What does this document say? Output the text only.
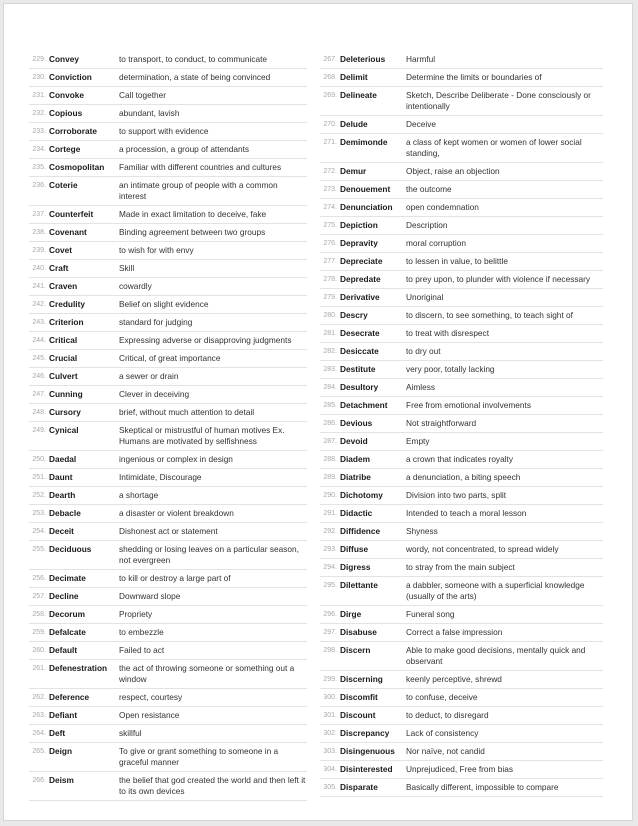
229. Convey	to transport, to conduct, to communicate
230. Conviction	determination, a state of being convinced
231. Convoke	Call together
232. Copious	abundant, lavish
233. Corroborate	to support with evidence
234. Cortege	a procession, a group of attendants
235. Cosmopolitan	Familiar with different countries and cultures
236. Coterie	an intimate group of people with a common interest
237. Counterfeit	Made in exact limitation to deceive, fake
238. Covenant	Binding agreement between two groups
239. Covet	to wish for with envy
240. Craft	Skill
241. Craven	cowardly
242. Credulity	Belief on slight evidence
243. Criterion	standard for judging
244. Critical	Expressing adverse or disapproving judgments
245. Crucial	Critical, of great importance
246. Culvert	a sewer or drain
247. Cunning	Clever in deceiving
248. Cursory	brief, without much attention to detail
249. Cynical	Skeptical or mistrustful of human motives Ex. Humans are motivated by selfishness
250. Daedal	ingenious or complex in design
251. Daunt	Intimidate, Discourage
252. Dearth	a shortage
253. Debacle	a disaster or violent breakdown
254. Deceit	Dishonest act or statement
255. Deciduous	shedding or losing leaves on a particular season, not evergreen
256. Decimate	to kill or destroy a large part of
257. Decline	Downward slope
258. Decorum	Propriety
259. Defalcate	to embezzle
260. Default	Failed to act
261. Defenestration	the act of throwing someone or something out a window
262. Deference	respect, courtesy
263. Defiant	Open resistance
264. Deft	skillful
265. Deign	To give or grant something to someone in a graceful manner
266. Deism	the belief that god created the world and then left it to its own devices
267. Deleterious	Harmful
268. Delimit	Determine the limits or boundaries of
269. Delineate	Sketch, Describe Deliberate - Done consciously or intentionally
270. Delude	Deceive
271. Demimonde	a class of kept women or women of lower social standing,
272. Demur	Object, raise an objection
273. Denouement	the outcome
274. Denunciation	open condemnation
275. Depiction	Description
276. Depravity	moral corruption
277. Depreciate	to lessen in value, to belittle
278. Depredate	to prey upon, to plunder with violence if necessary
279. Derivative	Unoriginal
280. Descry	to discern, to see something, to teach sight of
281. Desecrate	to treat with disrespect
282. Desiccate	to dry out
283. Destitute	very poor, totally lacking
284. Desultory	Aimless
285. Detachment	Free from emotional involvements
286. Devious	Not straightforward
287. Devoid	Empty
288. Diadem	a crown that indicates royalty
289. Diatribe	a denunciation, a biting speech
290. Dichotomy	Division into two parts, split
291. Didactic	Intended to teach a moral lesson
292. Diffidence	Shyness
293. Diffuse	wordy, not concentrated, to spread widely
294. Digress	to stray from the main subject
295. Dilettante	a dabbler, someone with a superficial knowledge (usually of the arts)
296. Dirge	Funeral song
297. Disabuse	Correct a false impression
298. Discern	Able to make good decisions, mentally quick and observant
299. Discerning	keenly perceptive, shrewd
300. Discomfit	to confuse, deceive
301. Discount	to deduct, to disregard
302. Discrepancy	Lack of consistency
303. Disingenuous	Nor naïve, not candid
304. Disinterested	Unprejudiced, Free from bias
305. Disparate	Basically different, impossible to compare
